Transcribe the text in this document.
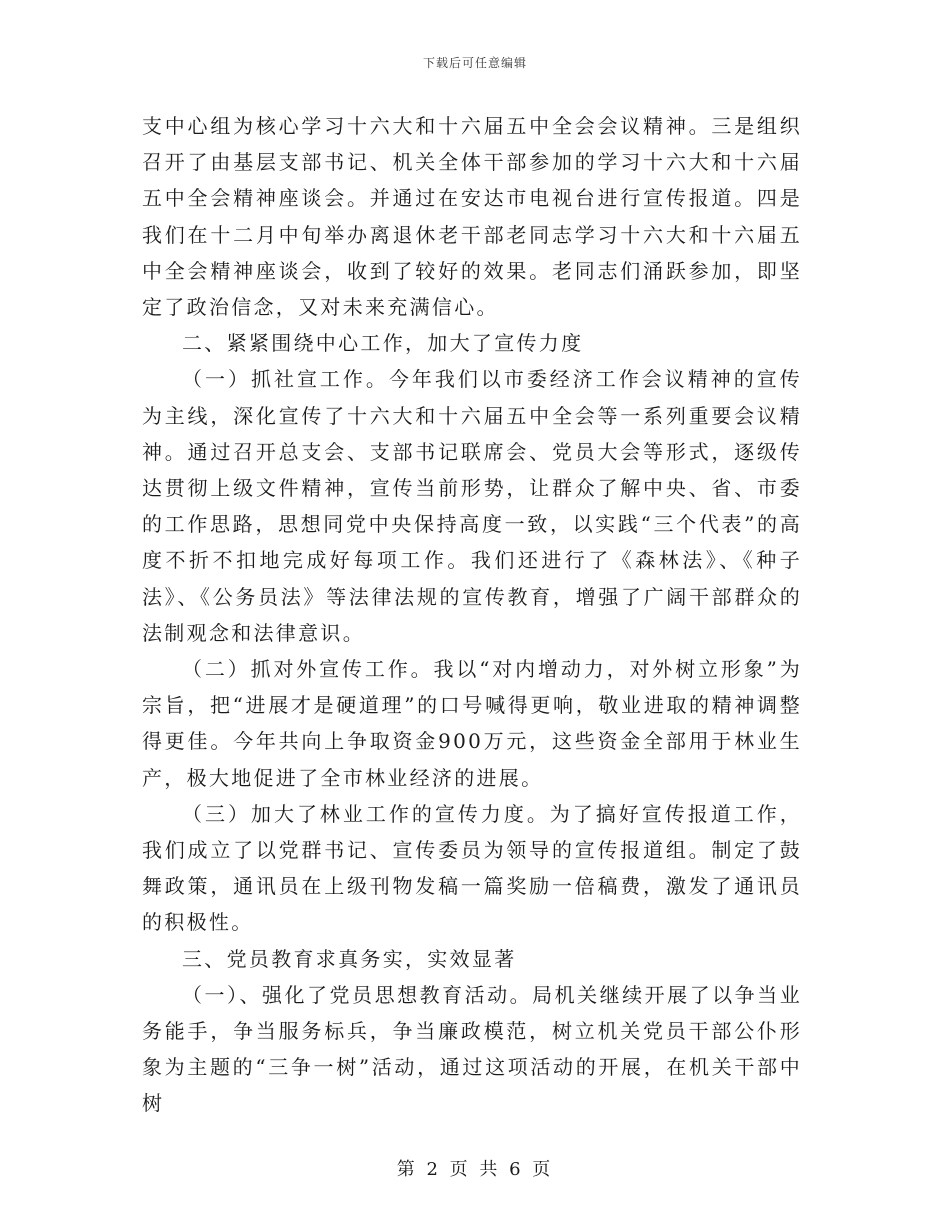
下载后可任意编辑

支中心组为核心学习十六大和十六届五中全会会议精神。三是组织召开了由基层支部书记、机关全体干部参加的学习十六大和十六届五中全会精神座谈会。并通过在安达市电视台进行宣传报道。四是我们在十二月中旬举办离退休老干部老同志学习十六大和十六届五中全会精神座谈会，收到了较好的效果。老同志们涌跃参加，即坚定了政治信念，又对未来充满信心。

二、紧紧围绕中心工作，加大了宣传力度

（一）抓社宣工作。今年我们以市委经济工作会议精神的宣传为主线，深化宣传了十六大和十六届五中全会等一系列重要会议精神。通过召开总支会、支部书记联席会、党员大会等形式，逐级传达贯彻上级文件精神，宣传当前形势，让群众了解中央、省、市委的工作思路，思想同党中央保持高度一致，以实践“三个代表”的高度不折不扣地完成好每项工作。我们还进行了《森林法》、《种子法》、《公务员法》等法律法规的宣传教育，增强了广阔干部群众的法制观念和法律意识。

（二）抓对外宣传工作。我以“对内增动力，对外树立形象”为宗旨，把“进展才是硬道理”的口号喊得更响，敬业进取的精神调整得更佳。今年共向上争取资金900万元，这些资金全部用于林业生产，极大地促进了全市林业经济的进展。

（三）加大了林业工作的宣传力度。为了搞好宣传报道工作，我们成立了以党群书记、宣传委员为领导的宣传报道组。制定了鼓舞政策，通讯员在上级刊物发稿一篇奖励一倍稿费，激发了通讯员的积极性。

三、党员教育求真务实，实效显著

（一）、强化了党员思想教育活动。局机关继续开展了以争当业务能手，争当服务标兵，争当廉政模范，树立机关党员干部公仆形象为主题的“三争一树”活动，通过这项活动的开展，在机关干部中树

第 2 页 共 6 页
